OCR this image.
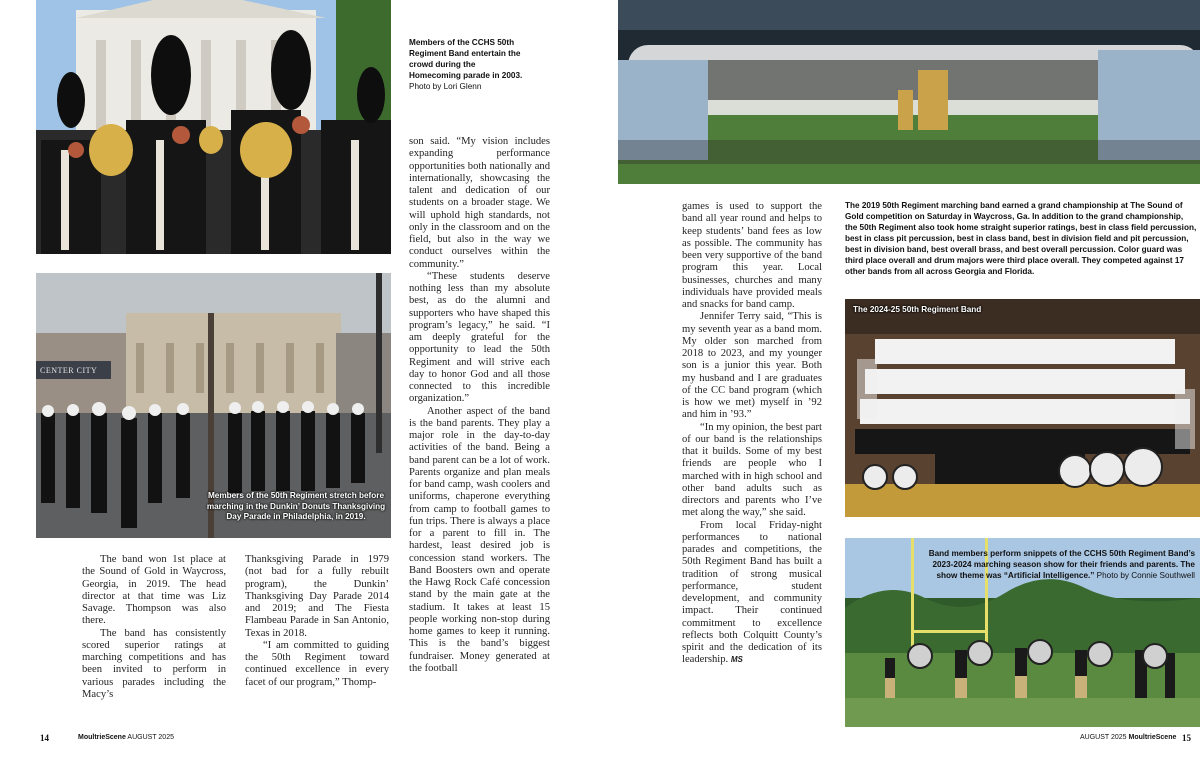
Members of the CCHS 50th Regiment Band entertain the crowd during the Homecoming parade in 2003. Photo by Lori Glenn
CENTER CITY
Members of the 50th Regiment stretch before marching in the Dunkin’ Donuts Thanksgiving Day Parade in Philadelphia, in 2019.

The band won 1st place at the Sound of Gold in Waycross, Georgia, in 2019. The head director at that time was Liz Savage. Thompson was also there.

The band has consistently scored superior ratings at marching competitions and has been invited to perform in various parades including the Macy’s

Thanksgiving Parade in 1979 (not bad for a fully rebuilt program), the Dunkin’ Thanksgiving Day Parade 2014 and 2019; and The Fiesta Flambeau Parade in San Antonio, Texas in 2018.

“I am committed to guiding the 50th Regiment toward continued excellence in every facet of our program,” Thomp-

son said. “My vision includes expanding performance opportunities both nationally and internationally, showcasing the talent and dedication of our students on a broader stage. We will uphold high standards, not only in the classroom and on the field, but also in the way we conduct ourselves within the community.”

“These students deserve nothing less than my absolute best, as do the alumni and supporters who have shaped this program’s legacy,” he said. “I am deeply grateful for the opportunity to lead the 50th Regiment and will strive each day to honor God and all those connected to this incredible organization.”

Another aspect of the band is the band parents. They play a major role in the day-to-day activities of the band. Being a band parent can be a lot of work. Parents organize and plan meals for band camp, wash coolers and uniforms, chaperone everything from camp to football games to fun trips. There is always a place for a parent to fill in. The hardest, least desired job is concession stand workers. The Band Boosters own and operate the Hawg Rock Café concession stand by the main gate at the stadium. It takes at least 15 people working non-stop during home games to keep it running. This is the band’s biggest fundraiser. Money generated at the football

14	MoultrieScene AUGUST 2025
The 2019 50th Regiment marching band earned a grand championship at The Sound of Gold competition on Saturday in Waycross, Ga. In addition to the grand championship, the 50th Regiment also took home straight superior ratings, best in class field percussion, best in class pit percussion, best in class band, best in division field and pit percussion, best in division band, best overall brass, and best overall percussion. Color guard was third place overall and drum majors were third place overall. They competed against 17 other bands from all across Georgia and Florida.
The 2024-25 50th Regiment Band
Band members perform snippets of the CCHS 50th Regiment Band’s 2023-2024 marching season show for their friends and parents. The show theme was “Artificial Intelligence.” Photo by Connie Southwell

games is used to support the band all year round and helps to keep students’ band fees as low as possible. The community has been very supportive of the band program this year. Local businesses, churches and many individuals have provided meals and snacks for band camp.

Jennifer Terry said, “This is my seventh year as a band mom. My older son marched from 2018 to 2023, and my younger son is a junior this year. Both my husband and I are graduates of the CC band program (which is how we met) myself in ’92 and him in ’93.”

“In my opinion, the best part of our band is the relationships that it builds. Some of my best friends are people who I marched with in high school and other band adults such as directors and parents who I’ve met along the way,” she said.

From local Friday-night performances to national parades and competitions, the 50th Regiment Band has built a tradition of strong musical performance, student development, and community impact. Their continued commitment to excellence reflects both Colquitt County’s spirit and the dedication of its leadership. MS

AUGUST 2025 MoultrieScene 15
